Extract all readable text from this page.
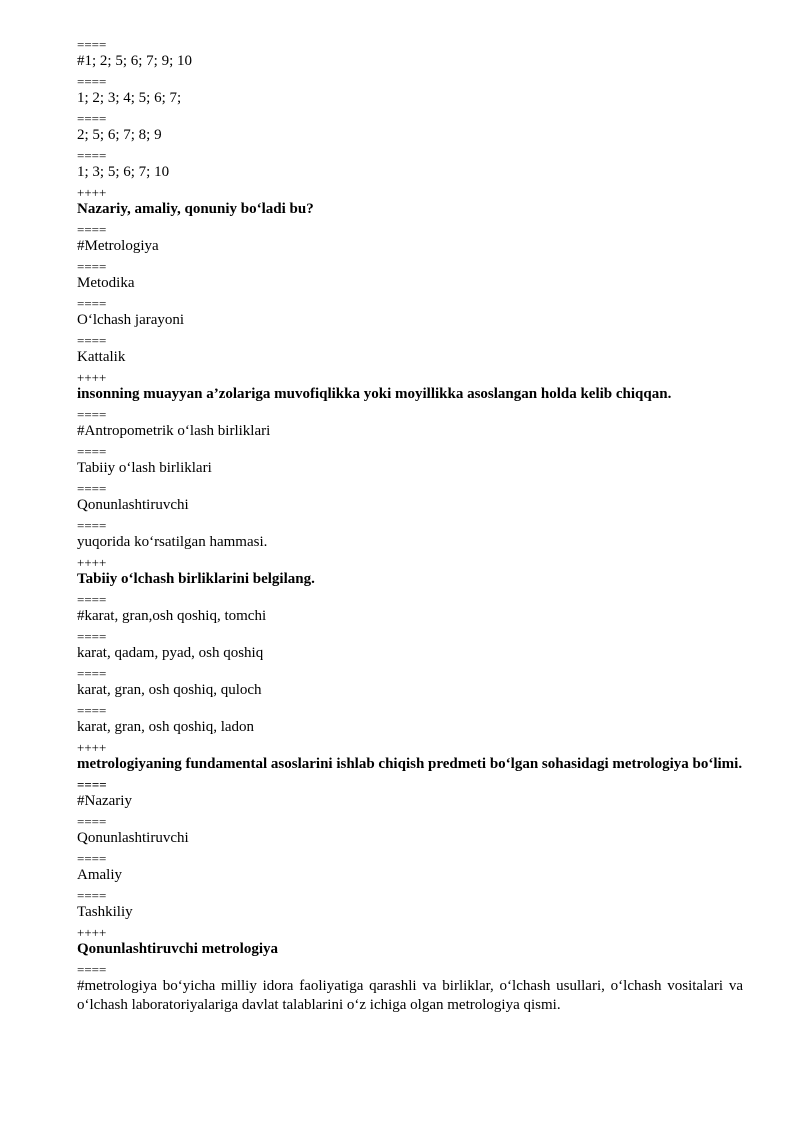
====
#1; 2; 5; 6; 7; 9; 10
====
1; 2; 3; 4; 5; 6; 7;
====
2; 5; 6; 7; 8; 9
====
1; 3; 5; 6; 7; 10
++++
Nazariy, amaliy, qonuniy bo‘ladi bu?
====
#Metrologiya
====
Metodika
====
O‘lchash jarayoni
====
Kattalik
++++
insonning muayyan a’zolariga muvofiqlikka yoki moyillikka asoslangan holda kelib chiqqan.
====
#Antropometrik o‘lash birliklari
====
Tabiiy o‘lash birliklari
====
Qonunlashtiruvchi
====
yuqorida ko‘rsatilgan hammasi.
++++
Tabiiy o‘lchash birliklarini belgilang.
====
#karat, gran,osh qoshiq, tomchi
====
karat, qadam, pyad, osh qoshiq
====
karat, gran, osh qoshiq, quloch
====
karat, gran, osh qoshiq, ladon
++++
metrologiyaning fundamental asoslarini ishlab chiqish predmeti bo‘lgan sohasidagi metrologiya bo‘limi.
====
#Nazariy
====
Qonunlashtiruvchi
====
Amaliy
====
Tashkiliy
++++
Qonunlashtiruvchi metrologiya
====
#metrologiya bo‘yicha milliy idora faoliyatiga qarashli va birliklar, o‘lchash usullari, o‘lchash vositalari va o‘lchash laboratoriyalariga davlat talablarini o‘z ichiga olgan metrologiya qismi.
